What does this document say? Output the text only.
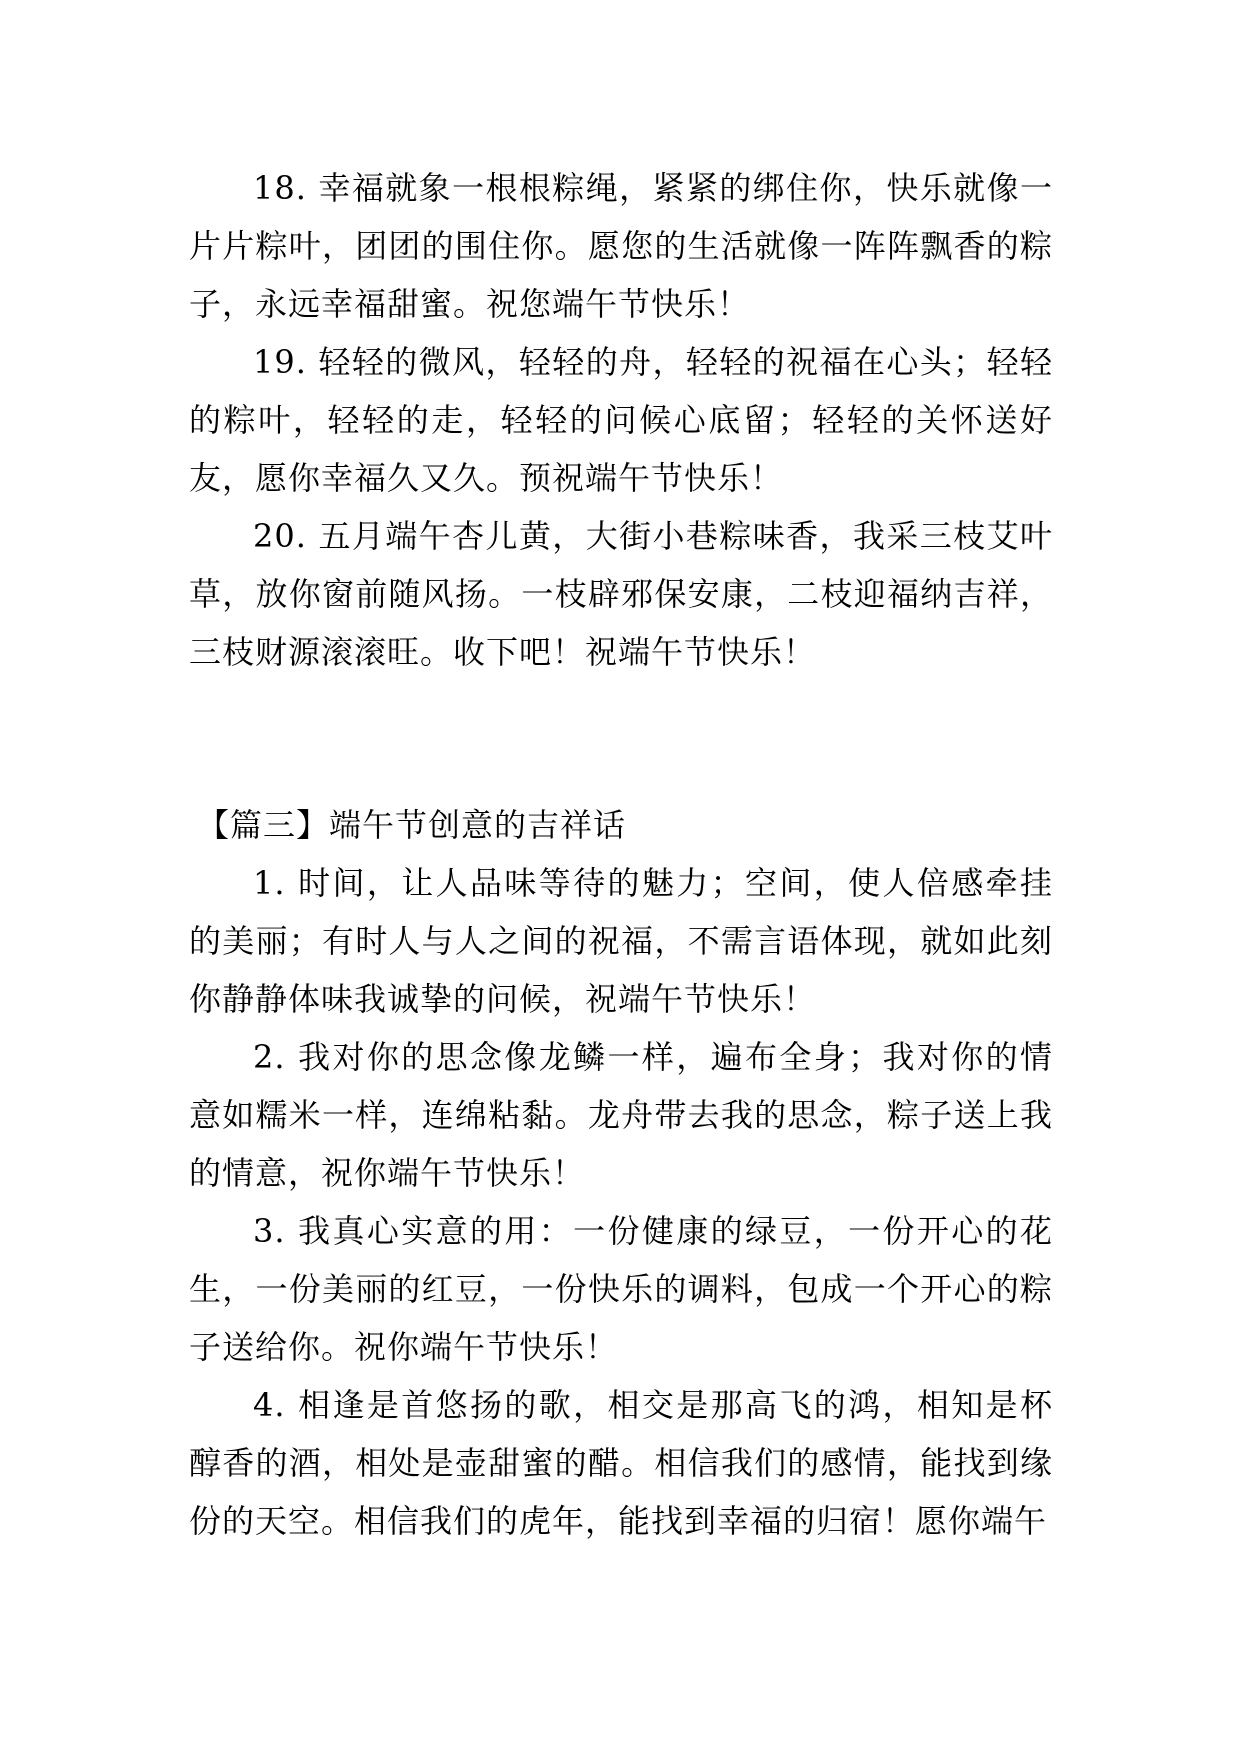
18. 幸福就象一根根粽绳，紧紧的绑住你，快乐就像一片片粽叶，团团的围住你。愿您的生活就像一阵阵飘香的粽子，永远幸福甜蜜。祝您端午节快乐！

19. 轻轻的微风，轻轻的舟，轻轻的祝福在心头；轻轻的粽叶，轻轻的走，轻轻的问候心底留；轻轻的关怀送好友，愿你幸福久又久。预祝端午节快乐！

20. 五月端午杏儿黄，大街小巷粽味香，我采三枝艾叶草，放你窗前随风扬。一枝辟邪保安康，二枝迎福纳吉祥，三枝财源滚滚旺。收下吧！祝端午节快乐！

【篇三】端午节创意的吉祥话

1. 时间，让人品味等待的魅力；空间，使人倍感牵挂的美丽；有时人与人之间的祝福，不需言语体现，就如此刻你静静体味我诚挚的问候，祝端午节快乐！

2. 我对你的思念像龙鳞一样，遍布全身；我对你的情意如糯米一样，连绵粘黏。龙舟带去我的思念，粽子送上我的情意，祝你端午节快乐！

3. 我真心实意的用：一份健康的绿豆，一份开心的花生，一份美丽的红豆，一份快乐的调料，包成一个开心的粽子送给你。祝你端午节快乐！

4. 相逢是首悠扬的歌，相交是那高飞的鸿，相知是杯醇香的酒，相处是壶甜蜜的醋。相信我们的感情，能找到缘份的天空。相信我们的虎年，能找到幸福的归宿！愿你端午
